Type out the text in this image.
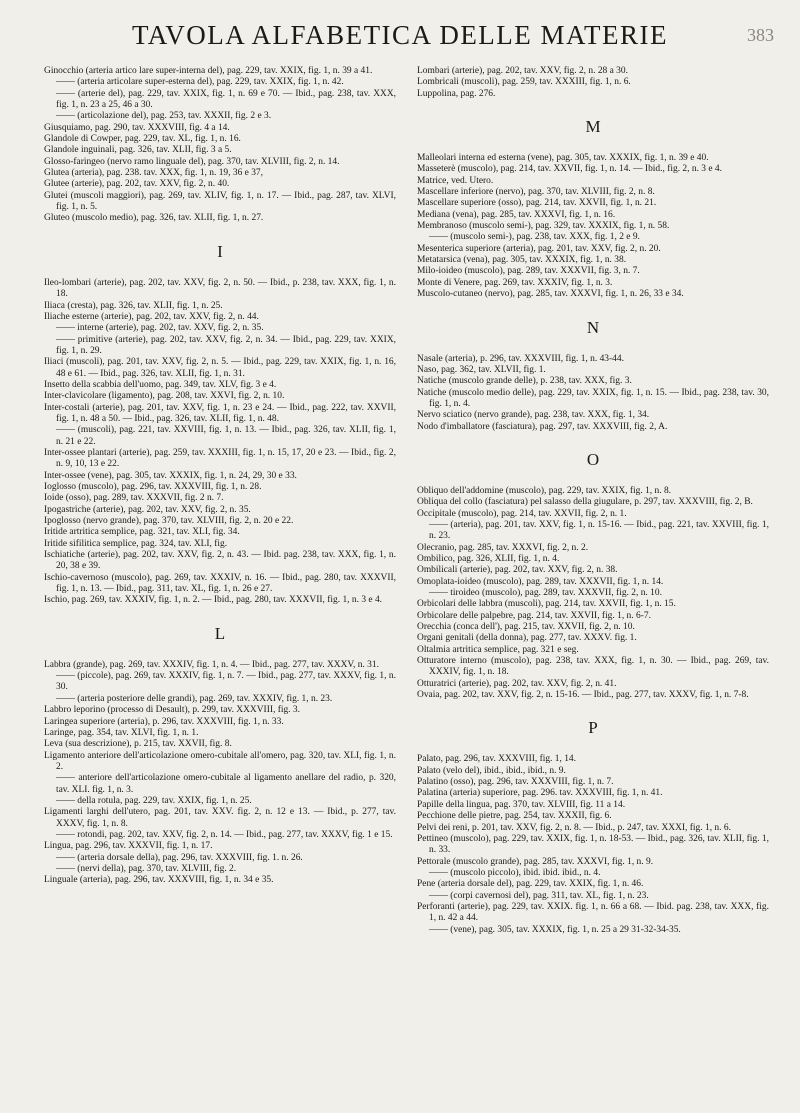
TAVOLA ALFABETICA DELLE MATERIE	383

Ginocchio (arteria artico lare super-interna del), pag. 229, tav. XXIX, fig. 1, n. 39 a 41.

—— (arteria articolare super-esterna del), pag. 229, tav. XXIX, fig. 1, n. 42.

—— (arterie del), pag. 229, tav. XXIX, fig. 1, n. 69 e 70. — Ibid., pag. 238, tav. XXX, fig. 1, n. 23 a 25, 46 a 30.

—— (articolazione del), pag. 253, tav. XXXII, fig. 2 e 3.

Giusquiamo, pag. 290, tav. XXXVIII, fig. 4 a 14.

Glandole di Cowper, pag. 229, tav. XL, fig. 1, n. 16.

Glandole inguinali, pag. 326, tav. XLII, fig. 3 a 5.

Glosso-faringeo (nervo ramo linguale del), pag. 370, tav. XLVIII, fig. 2, n. 14.

Glutea (arteria), pag. 238. tav. XXX, fig. 1, n. 19, 36 e 37,

Glutee (arterie), pag. 202, tav. XXV, fig. 2, n. 40.

Glutei (muscoli maggiori), pag. 269, tav. XLIV, fig. 1, n. 17. — Ibid., pag. 287, tav. XLVI, fig. 1, n. 5.

Gluteo (muscolo medio), pag. 326, tav. XLII, fig. 1, n. 27.

I

Ileo-lombari (arterie), pag. 202, tav. XXV, fig. 2, n. 50. — Ibid., p. 238, tav. XXX, fig. 1, n. 18.

Iliaca (cresta), pag. 326, tav. XLII, fig. 1, n. 25.

Iliache esterne (arterie), pag. 202, tav. XXV, fig. 2, n. 44.

—— interne (arterie), pag. 202, tav. XXV, fig. 2, n. 35.

—— primitive (arterie), pag. 202, tav. XXV, fig. 2, n. 34. — Ibid., pag. 229, tav. XXIX, fig. 1, n. 29.

Iliaci (muscoli), pag. 201, tav. XXV, fig. 2, n. 5. — Ibid., pag. 229, tav. XXIX, fig. 1, n. 16, 48 e 61. — Ibid., pag. 326, tav. XLII, fig. 1, n. 31.

Insetto della scabbia dell'uomo, pag. 349, tav. XLV, fig. 3 e 4.

Inter-clavicolare (ligamento), pag. 208, tav. XXVI, fig. 2, n. 10.

Inter-costali (arterie), pag. 201, tav. XXV, fig. 1, n. 23 e 24. — Ibid., pag. 222, tav. XXVII, fig. 1, n. 48 a 50. — Ibid., pag. 326, tav. XLII, fig. 1, n. 48.

—— (muscoli), pag. 221, tav. XXVIII, fig. 1, n. 13. — Ibid., pag. 326, tav. XLII, fig. 1, n. 21 e 22.

Inter-ossee plantari (arterie), pag. 259, tav. XXXIII, fig. 1, n. 15, 17, 20 e 23. — Ibid., fig. 2, n. 9, 10, 13 e 22.

Inter-ossee (vene), pag. 305, tav. XXXIX, fig. 1, n. 24, 29, 30 e 33.

Ioglosso (muscolo), pag. 296, tav. XXXVIII, fig. 1, n. 28.

Ioide (osso), pag. 289, tav. XXXVII, fig. 2 n. 7.

Ipogastriche (arterie), pag. 202, tav. XXV, fig. 2, n. 35.

Ipoglosso (nervo grande), pag. 370, tav. XLVIII, fig. 2, n. 20 e 22.

Iritide artritica semplice, pag. 321, tav. XLI, fig. 34.

Iritide sifilitica semplice, pag. 324, tav. XLI, fig.

Ischiatiche (arterie), pag. 202, tav. XXV, fig. 2, n. 43. — Ibid. pag. 238, tav. XXX, fig. 1, n. 20, 38 e 39.

Ischio-cavernoso (muscolo), pag. 269, tav. XXXIV, n. 16. — Ibid., pag. 280, tav. XXXVII, fig. 1, n. 13. — Ibid., pag. 311, tav. XL, fig. 1, n. 26 e 27.

Ischio, pag. 269, tav. XXXIV, fig. 1, n. 2. — Ibid., pag. 280, tav. XXXVII, fig. 1, n. 3 e 4.

L

Labbra (grande), pag. 269, tav. XXXIV, fig. 1, n. 4. — Ibid., pag. 277, tav. XXXV, n. 31.

—— (piccole), pag. 269, tav. XXXIV, fig. 1, n. 7. — Ibid., pag. 277, tav. XXXV, fig. 1, n. 30.

—— (arteria posteriore delle grandi), pag. 269, tav. XXXIV, fig. 1, n. 23.

Labbro leporino (processo di Desault), p. 299, tav. XXXVIII, fig. 3.

Laringea superiore (arteria), p. 296, tav. XXXVIII, fig. 1, n. 33.

Laringe, pag. 354, tav. XLVI, fig. 1, n. 1.

Leva (sua descrizione), p. 215, tav. XXVII, fig. 8.

Ligamento anteriore dell'articolazione omero-cubitale all'omero, pag. 320, tav. XLI, fig. 1, n. 2.

—— anteriore dell'articolazione omero-cubitale al ligamento anellare del radio, p. 320, tav. XLI. fig. 1, n. 3.

—— della rotula, pag. 229, tav. XXIX, fig. 1, n. 25.

Ligamenti larghi dell'utero, pag. 201, tav. XXV. fig. 2, n. 12 e 13. — Ibid., p. 277, tav. XXXV, fig. 1, n. 8.

—— rotondi, pag. 202, tav. XXV, fig. 2, n. 14. — Ibid., pag. 277, tav. XXXV, fig. 1 e 15.

Lingua, pag. 296, tav. XXXVII, fig. 1, n. 17.

—— (arteria dorsale della), pag. 296, tav. XXXVIII, fig. 1. n. 26.

—— (nervi della), pag. 370, tav. XLVIII, fig. 2.

Linguale (arteria), pag. 296, tav. XXXVIII, fig. 1, n. 34 e 35.

Lombari (arterie), pag. 202, tav. XXV, fig. 2, n. 28 a 30.

Lombricali (muscoli), pag. 259, tav. XXXIII, fig. 1, n. 6.

Luppolina, pag. 276.

M

Malleolari interna ed esterna (vene), pag. 305, tav. XXXIX, fig. 1, n. 39 e 40.

Masseterè (muscolo), pag. 214, tav. XXVII, fig. 1, n. 14. — Ibid., fig. 2, n. 3 e 4.

Matrice, ved. Utero.

Mascellare inferiore (nervo), pag. 370, tav. XLVIII, fig. 2, n. 8.

Mascellare superiore (osso), pag. 214, tav. XXVII, fig. 1, n. 21.

Mediana (vena), pag. 285, tav. XXXVI, fig. 1, n. 16.

Membranoso (muscolo semi-), pag. 329, tav. XXXIX, fig. 1, n. 58.

—— (muscolo semi-), pag. 238, tav. XXX, fig. 1, 2 e 9.

Mesenterica superiore (arteria), pag. 201, tav. XXV, fig. 2, n. 20.

Metatarsica (vena), pag. 305, tav. XXXIX, fig. 1, n. 38.

Milo-ioideo (muscolo), pag. 289, tav. XXXVII, fig. 3, n. 7.

Monte di Venere, pag. 269, tav. XXXIV, fig. 1, n. 3.

Muscolo-cutaneo (nervo), pag. 285, tav. XXXVI, fig. 1, n. 26, 33 e 34.

N

Nasale (arteria), p. 296, tav. XXXVIII, fig. 1, n. 43-44.

Naso, pag. 362, tav. XLVII, fig. 1.

Natiche (muscolo grande delle), p. 238, tav. XXX, fig. 3.

Natiche (muscolo medio delle), pag. 229, tav. XXIX, fig. 1, n. 15. — Ibid., pag. 238, tav. 30, fig. 1, n. 4.

Nervo sciatico (nervo grande), pag. 238, tav. XXX, fig. 1, 34.

Nodo d'imballatore (fasciatura), pag. 297, tav. XXXVIII, fig. 2, A.

O

Obliquo dell'addomine (muscolo), pag. 229, tav. XXIX, fig. 1, n. 8.

Obliqua del collo (fasciatura) pel salasso della giugulare, p. 297, tav. XXXVIII, fig. 2, B.

Occipitale (muscolo), pag. 214, tav. XXVII, fig. 2, n. 1.

—— (arteria), pag. 201, tav. XXV, fig. 1, n. 15-16. — Ibid., pag. 221, tav. XXVIII, fig. 1, n. 23.

Olecranio, pag. 285, tav. XXXVI, fig. 2, n. 2.

Ombilico, pag. 326, XLII, fig. 1, n. 4.

Ombilicali (arterie), pag. 202, tav. XXV, fig. 2, n. 38.

Omoplata-ioideo (muscolo), pag. 289, tav. XXXVII, fig. 1, n. 14.

—— tiroideo (muscolo), pag. 289, tav. XXXVII, fig. 2, n. 10.

Orbicolari delle labbra (muscoli), pag. 214, tav. XXVII, fig. 1, n. 15.

Orbicolare delle palpebre, pag. 214, tav. XXVII, fig. 1, n. 6-7.

Orecchia (conca dell'), pag. 215, tav. XXVII, fig. 2, n. 10.

Organi genitali (della donna), pag. 277, tav. XXXV. fig. 1.

Oltalmia artritica semplice, pag. 321 e seg.

Otturatore interno (muscolo), pag. 238, tav. XXX, fig. 1, n. 30. — Ibid., pag. 269, tav. XXXIV, fig. 1, n. 18.

Otturatrici (arterie), pag. 202, tav. XXV, fig. 2, n. 41.

Ovaia, pag. 202, tav. XXV, fig. 2, n. 15-16. — Ibid., pag. 277, tav. XXXV, fig. 1, n. 7-8.

P

Palato, pag. 296, tav. XXXVIII, fig. 1, 14.

Palato (velo del), ibid., ibid., ibid., n. 9.

Palatino (osso), pag. 296, tav. XXXVIII, fig. 1, n. 7.

Palatina (arteria) superiore, pag. 296. tav. XXXVIII, fig. 1, n. 41.

Papille della lingua, pag. 370, tav. XLVIII, fig. 11 a 14.

Pecchione delle pietre, pag. 254, tav. XXXII, fig. 6.

Pelvi dei reni, p. 201, tav. XXV, fig. 2, n. 8. — Ibid., p. 247, tav. XXXI, fig. 1, n. 6.

Pettineo (muscolo), pag. 229, tav. XXIX, fig. 1, n. 18-53. — Ibid., pag. 326, tav. XLII, fig. 1, n. 33.

Pettorale (muscolo grande), pag. 285, tav. XXXVI, fig. 1, n. 9.

—— (muscolo piccolo), ibid. ibid. ibid., n. 4.

Pene (arteria dorsale del), pag. 229, tav. XXIX, fig. 1, n. 46.

—— (corpi cavernosi del), pag. 311, tav. XL, fig. 1, n. 23.

Perforanti (arterie), pag. 229, tav. XXIX. fig. 1, n. 66 a 68. — Ibid. pag. 238, tav. XXX, fig. 1, n. 42 a 44.

—— (vene), pag. 305, tav. XXXIX, fig. 1, n. 25 a 29 31-32-34-35.
